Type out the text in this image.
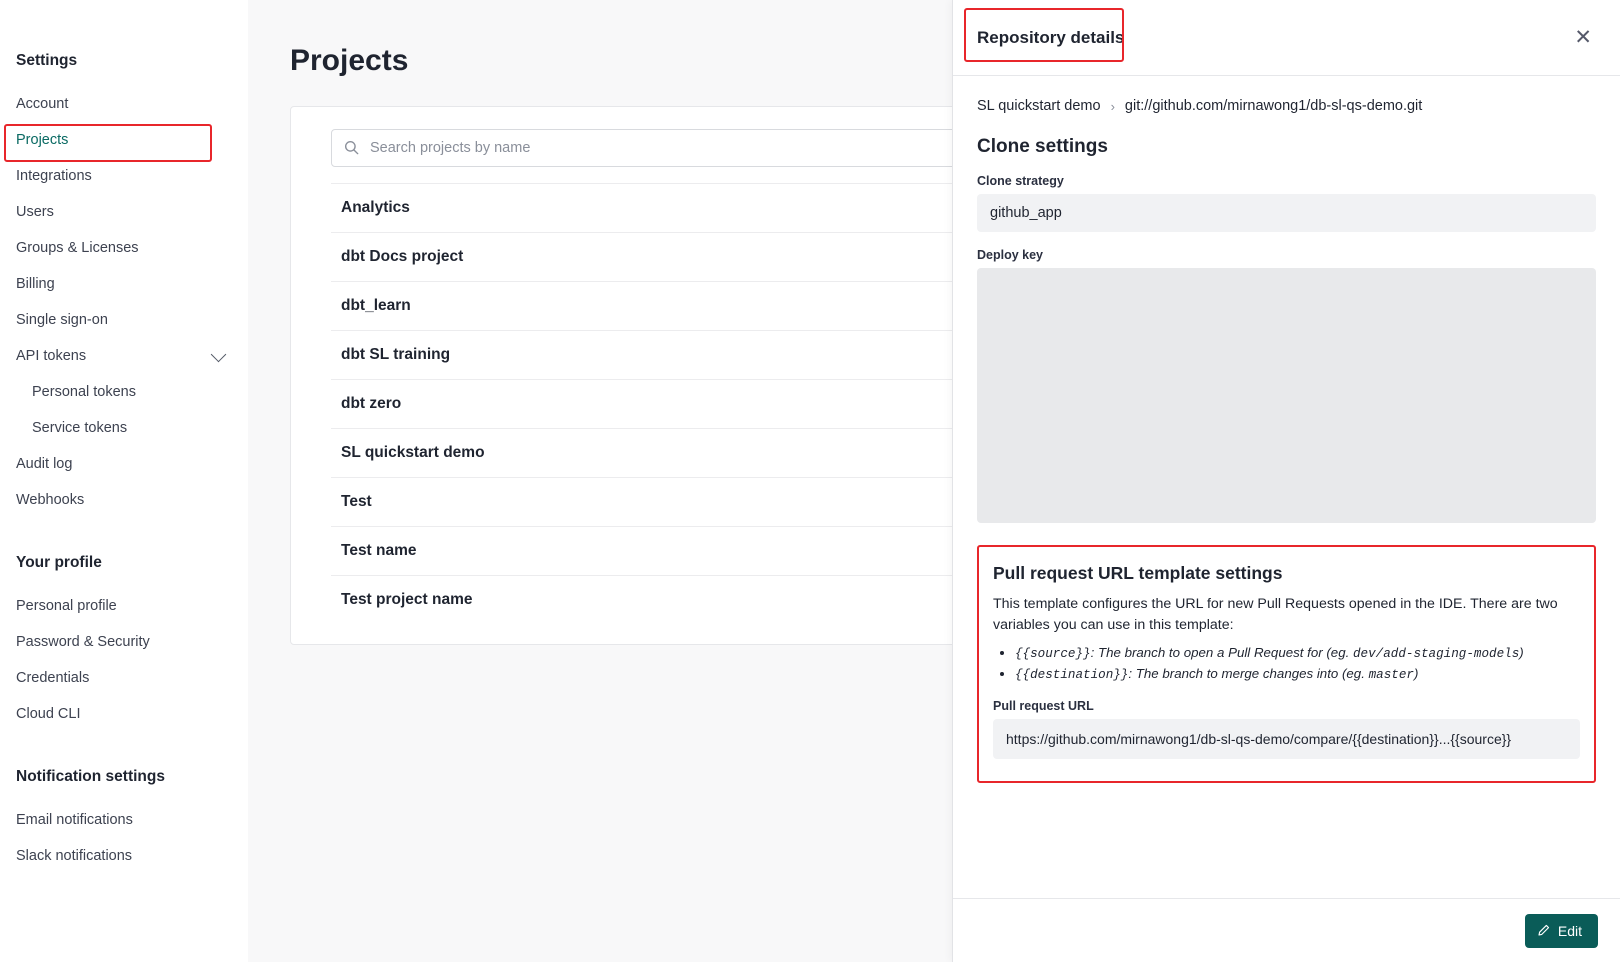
Settings
Account
Projects
Integrations
Users
Groups & Licenses
Billing
Single sign-on
API tokens
Personal tokens
Service tokens
Audit log
Webhooks
Your profile
Personal profile
Password & Security
Credentials
Cloud CLI
Notification settings
Email notifications
Slack notifications
Projects
Search projects by name
Analytics
dbt Docs project
dbt_learn
dbt SL training
dbt zero
SL quickstart demo
Test
Test name
Test project name
Repository details	✕
SL quickstart demo › git://github.com/mirnawong1/db-sl-qs-demo.git
Clone settings
Clone strategy
github_app
Deploy key
Pull request URL template settings

This template configures the URL for new Pull Requests opened in the IDE. There are two variables you can use in this template:

• {{source}}: The branch to open a Pull Request for (eg. dev/add-staging-models)
• {{destination}}: The branch to merge changes into (eg. master)
Pull request URL
https://github.com/mirnawong1/db-sl-qs-demo/compare/{{destination}}...{{source}}
Edit
